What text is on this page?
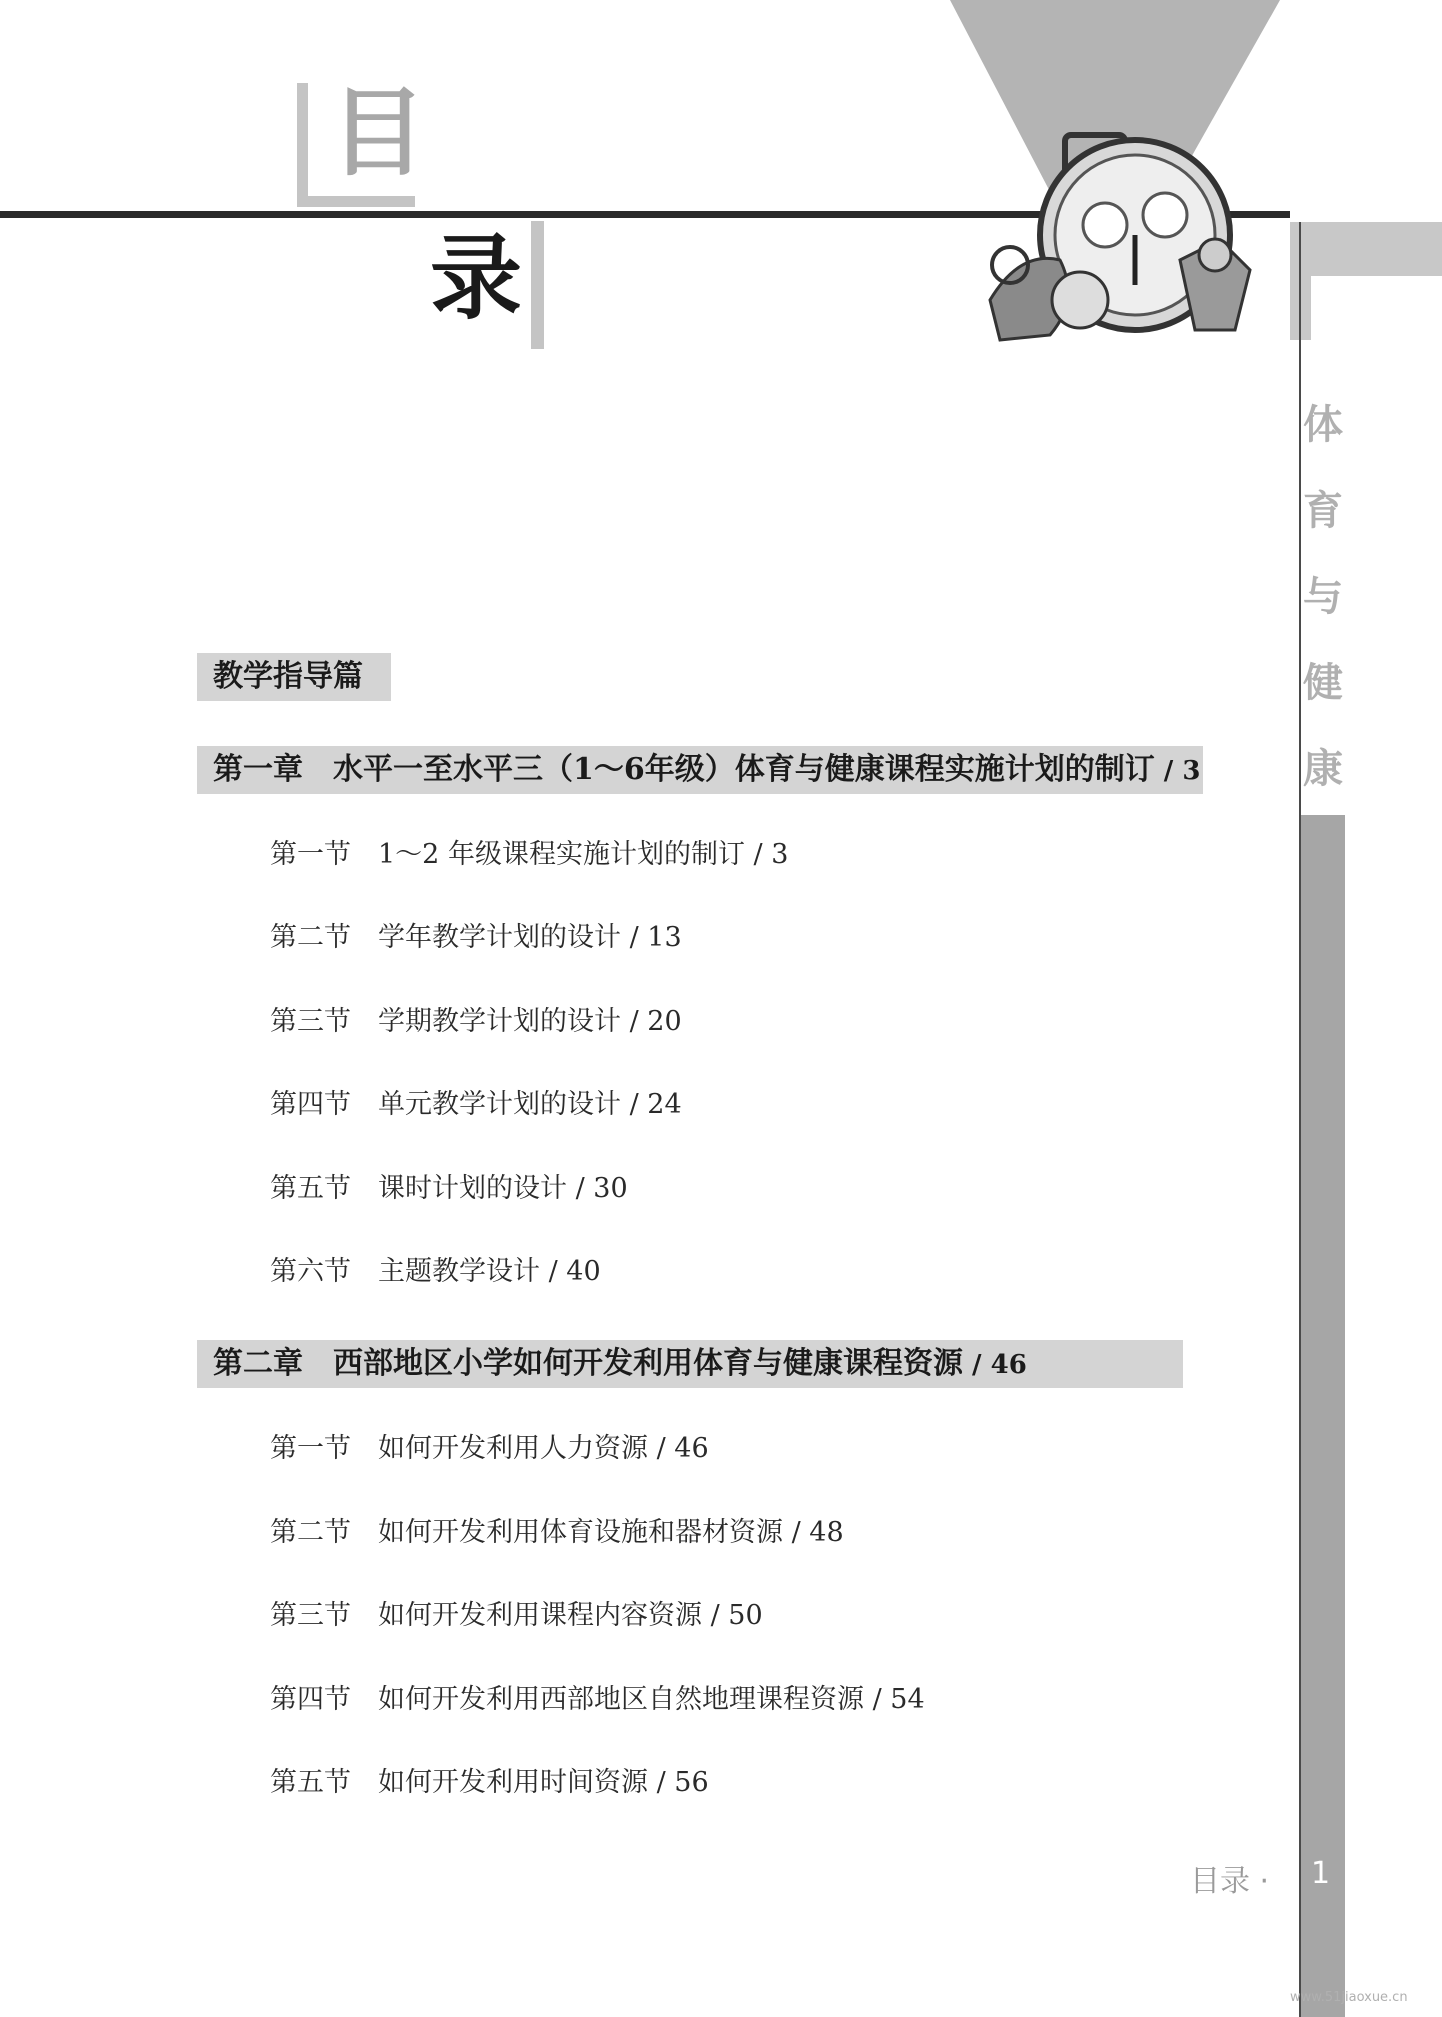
目
录
体
育
与
健
康
教学指导篇
第一章　水平一至水平三（1～6年级）体育与健康课程实施计划的制订 / 3
第一节　1～2 年级课程实施计划的制订 / 3
第二节　学年教学计划的设计 / 13
第三节　学期教学计划的设计 / 20
第四节　单元教学计划的设计 / 24
第五节　课时计划的设计 / 30
第六节　主题教学设计 / 40
第二章　西部地区小学如何开发利用体育与健康课程资源 / 46
第一节　如何开发利用人力资源 / 46
第二节　如何开发利用体育设施和器材资源 / 48
第三节　如何开发利用课程内容资源 / 50
第四节　如何开发利用西部地区自然地理课程资源 / 54
第五节　如何开发利用时间资源 / 56
目录 · 1
www.51jiaoxue.cn
